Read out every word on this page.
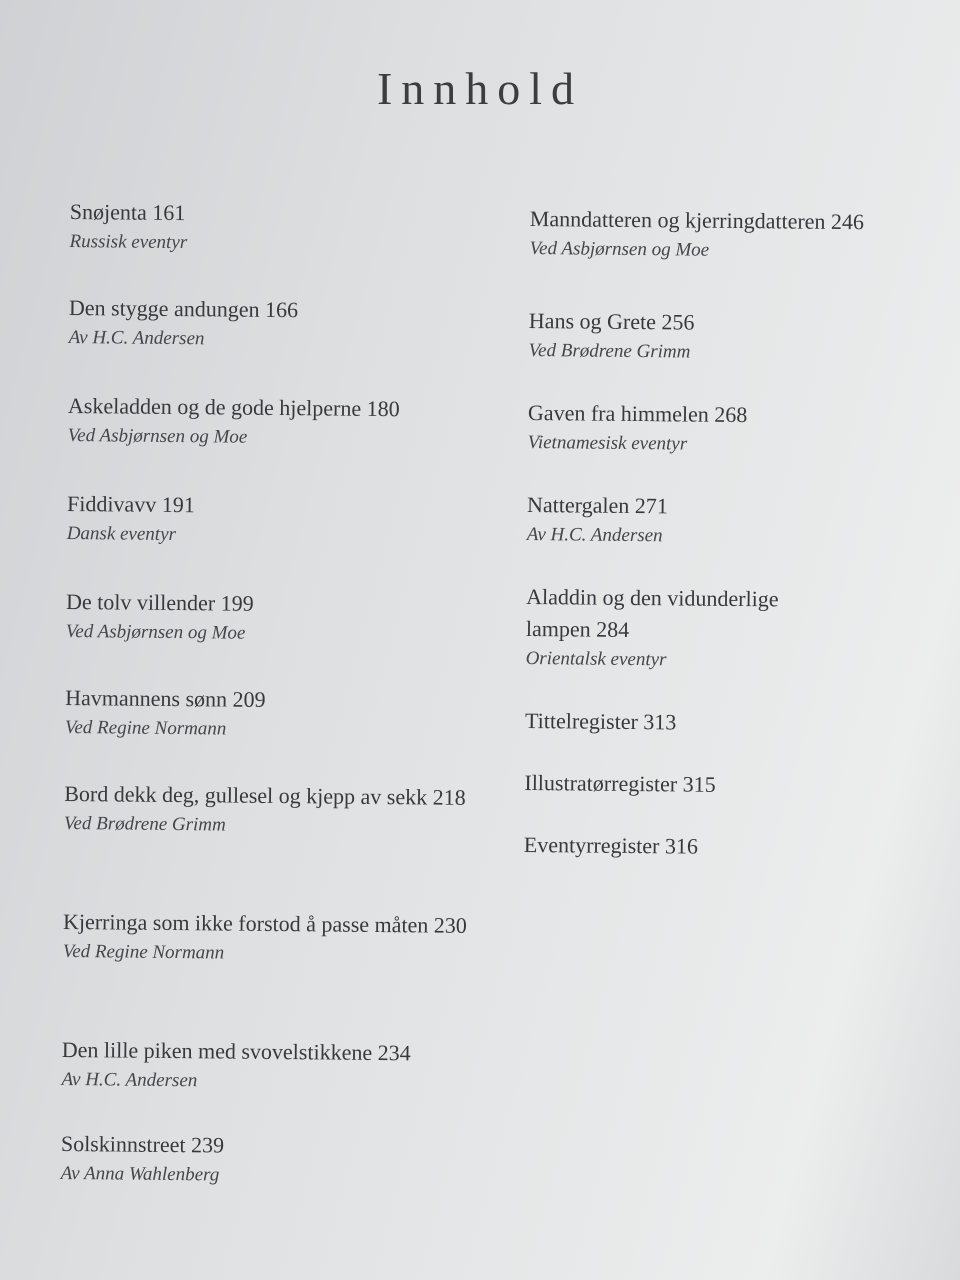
Innhold
Snøjenta 161
Russisk eventyr
Den stygge andungen 166
Av H.C. Andersen
Askeladden og de gode hjelperne 180
Ved Asbjørnsen og Moe
Fiddivavv 191
Dansk eventyr
De tolv villender 199
Ved Asbjørnsen og Moe
Havmannens sønn 209
Ved Regine Normann
Bord dekk deg, gullesel og kjepp av sekk 218
Ved Brødrene Grimm
Kjerringa som ikke forstod å passe måten 230
Ved Regine Normann
Den lille piken med svovelstikkene 234
Av H.C. Andersen
Solskinnstreet 239
Av Anna Wahlenberg
Manndatteren og kjerringdatteren 246
Ved Asbjørnsen og Moe
Hans og Grete 256
Ved Brødrene Grimm
Gaven fra himmelen 268
Vietnamesisk eventyr
Nattergalen 271
Av H.C. Andersen
Aladdin og den vidunderlige lampen 284
Orientalsk eventyr
Tittelregister 313
Illustratørregister 315
Eventyrregister 316
